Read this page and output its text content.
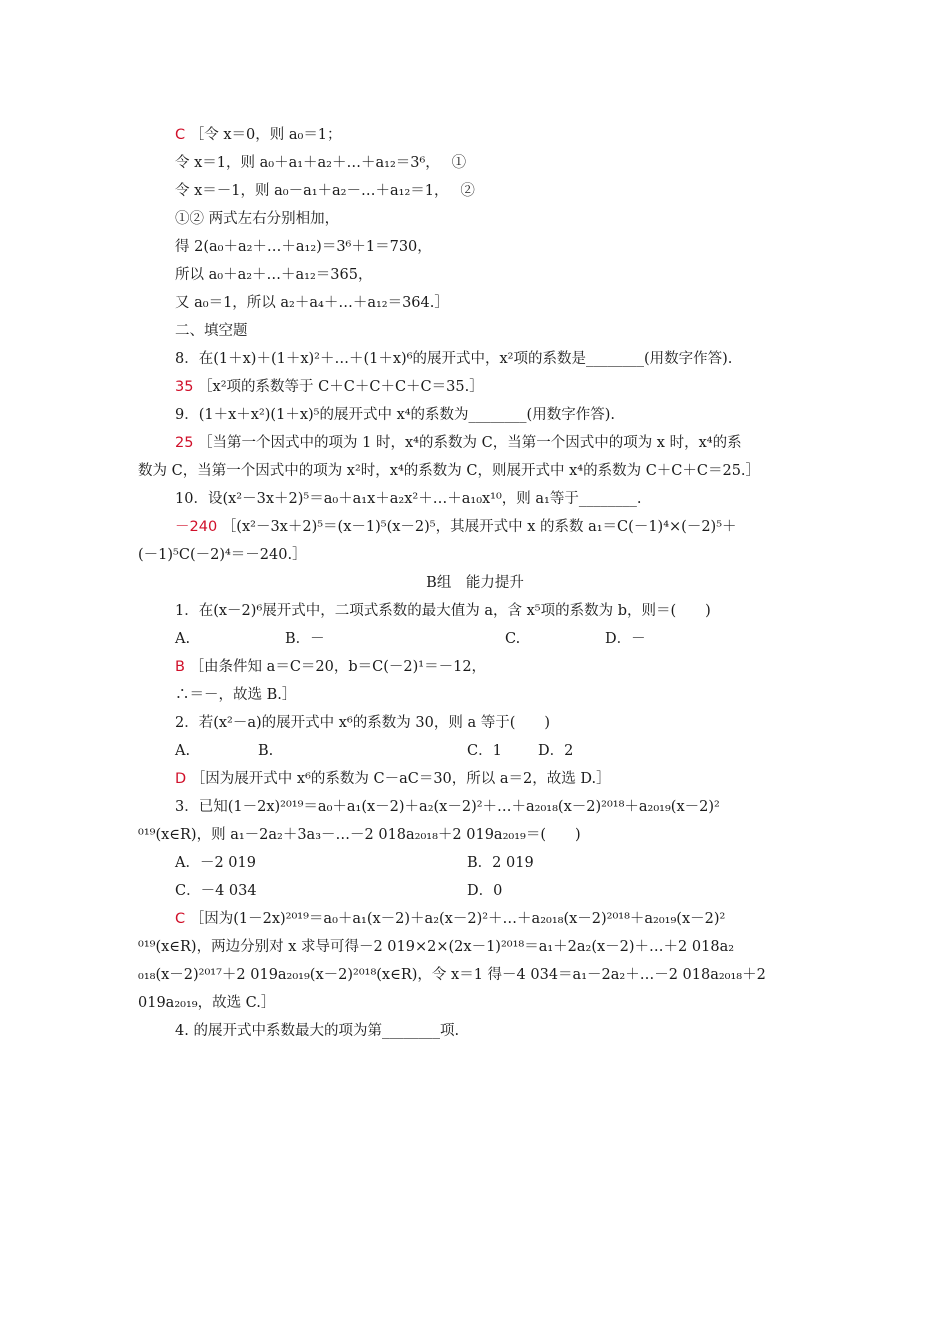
C ［令 x＝0，则 a₀＝1；
令 x＝1，则 a₀＋a₁＋a₂＋…＋a₁₂＝3⁶，　 ①
令 x＝－1，则 a₀－a₁＋a₂－…＋a₁₂＝1，　 ②
①② 两式左右分别相加，
得 2(a₀＋a₂＋…＋a₁₂)＝3⁶＋1＝730，
所以 a₀＋a₂＋…＋a₁₂＝365，
又 a₀＝1，所以 a₂＋a₄＋…＋a₁₂＝364.］
二、填空题
8．在(1＋x)＋(1＋x)²＋…＋(1＋x)⁶的展开式中，x²项的系数是________(用数字作答).
35 ［x²项的系数等于 C＋C＋C＋C＋C＝35.］
9．(1＋x＋x²)(1＋x)⁵的展开式中 x⁴的系数为________(用数字作答).
25 ［当第一个因式中的项为 1 时，x⁴的系数为 C，当第一个因式中的项为 x 时，x⁴的系
数为 C，当第一个因式中的项为 x²时，x⁴的系数为 C，则展开式中 x⁴的系数为 C＋C＋C＝25.］
10．设(x²－3x＋2)⁵＝a₀＋a₁x＋a₂x²＋…＋a₁₀x¹⁰，则 a₁等于________.
－240 ［(x²－3x＋2)⁵＝(x－1)⁵(x－2)⁵，其展开式中 x 的系数 a₁＝C(－1)⁴×(－2)⁵＋
(－1)⁵C(－2)⁴＝－240.］
B组　能力提升
1．在(x－2)⁶展开式中，二项式系数的最大值为 a，含 x⁵项的系数为 b，则＝(　　)
A.	B．－	C.	D．－
B ［由条件知 a＝C＝20，b＝C(－2)¹＝－12，
∴＝－，故选 B.］
2．若(x²－a)的展开式中 x⁶的系数为 30，则 a 等于(　　)
A.	B.	C．1 D．2
D ［因为展开式中 x⁶的系数为 C－aC＝30，所以 a＝2，故选 D.］
3．已知(1－2x)²⁰¹⁹＝a₀＋a₁(x－2)＋a₂(x－2)²＋…＋a₂₀₁₈(x－2)²⁰¹⁸＋a₂₀₁₉(x－2)²
⁰¹⁹(x∈R)，则 a₁－2a₂＋3a₃－…－2 018a₂₀₁₈＋2 019a₂₀₁₉＝(　　)
A．－2 019	B．2 019
C．－4 034	D．0
C ［因为(1－2x)²⁰¹⁹＝a₀＋a₁(x－2)＋a₂(x－2)²＋…＋a₂₀₁₈(x－2)²⁰¹⁸＋a₂₀₁₉(x－2)²
⁰¹⁹(x∈R)，两边分别对 x 求导可得－2 019×2×(2x－1)²⁰¹⁸＝a₁＋2a₂(x－2)＋…＋2 018a₂
₀₁₈(x－2)²⁰¹⁷＋2 019a₂₀₁₉(x－2)²⁰¹⁸(x∈R)，令 x＝1 得－4 034＝a₁－2a₂＋…－2 018a₂₀₁₈＋2
019a₂₀₁₉，故选 C.］
4. 的展开式中系数最大的项为第________项.
